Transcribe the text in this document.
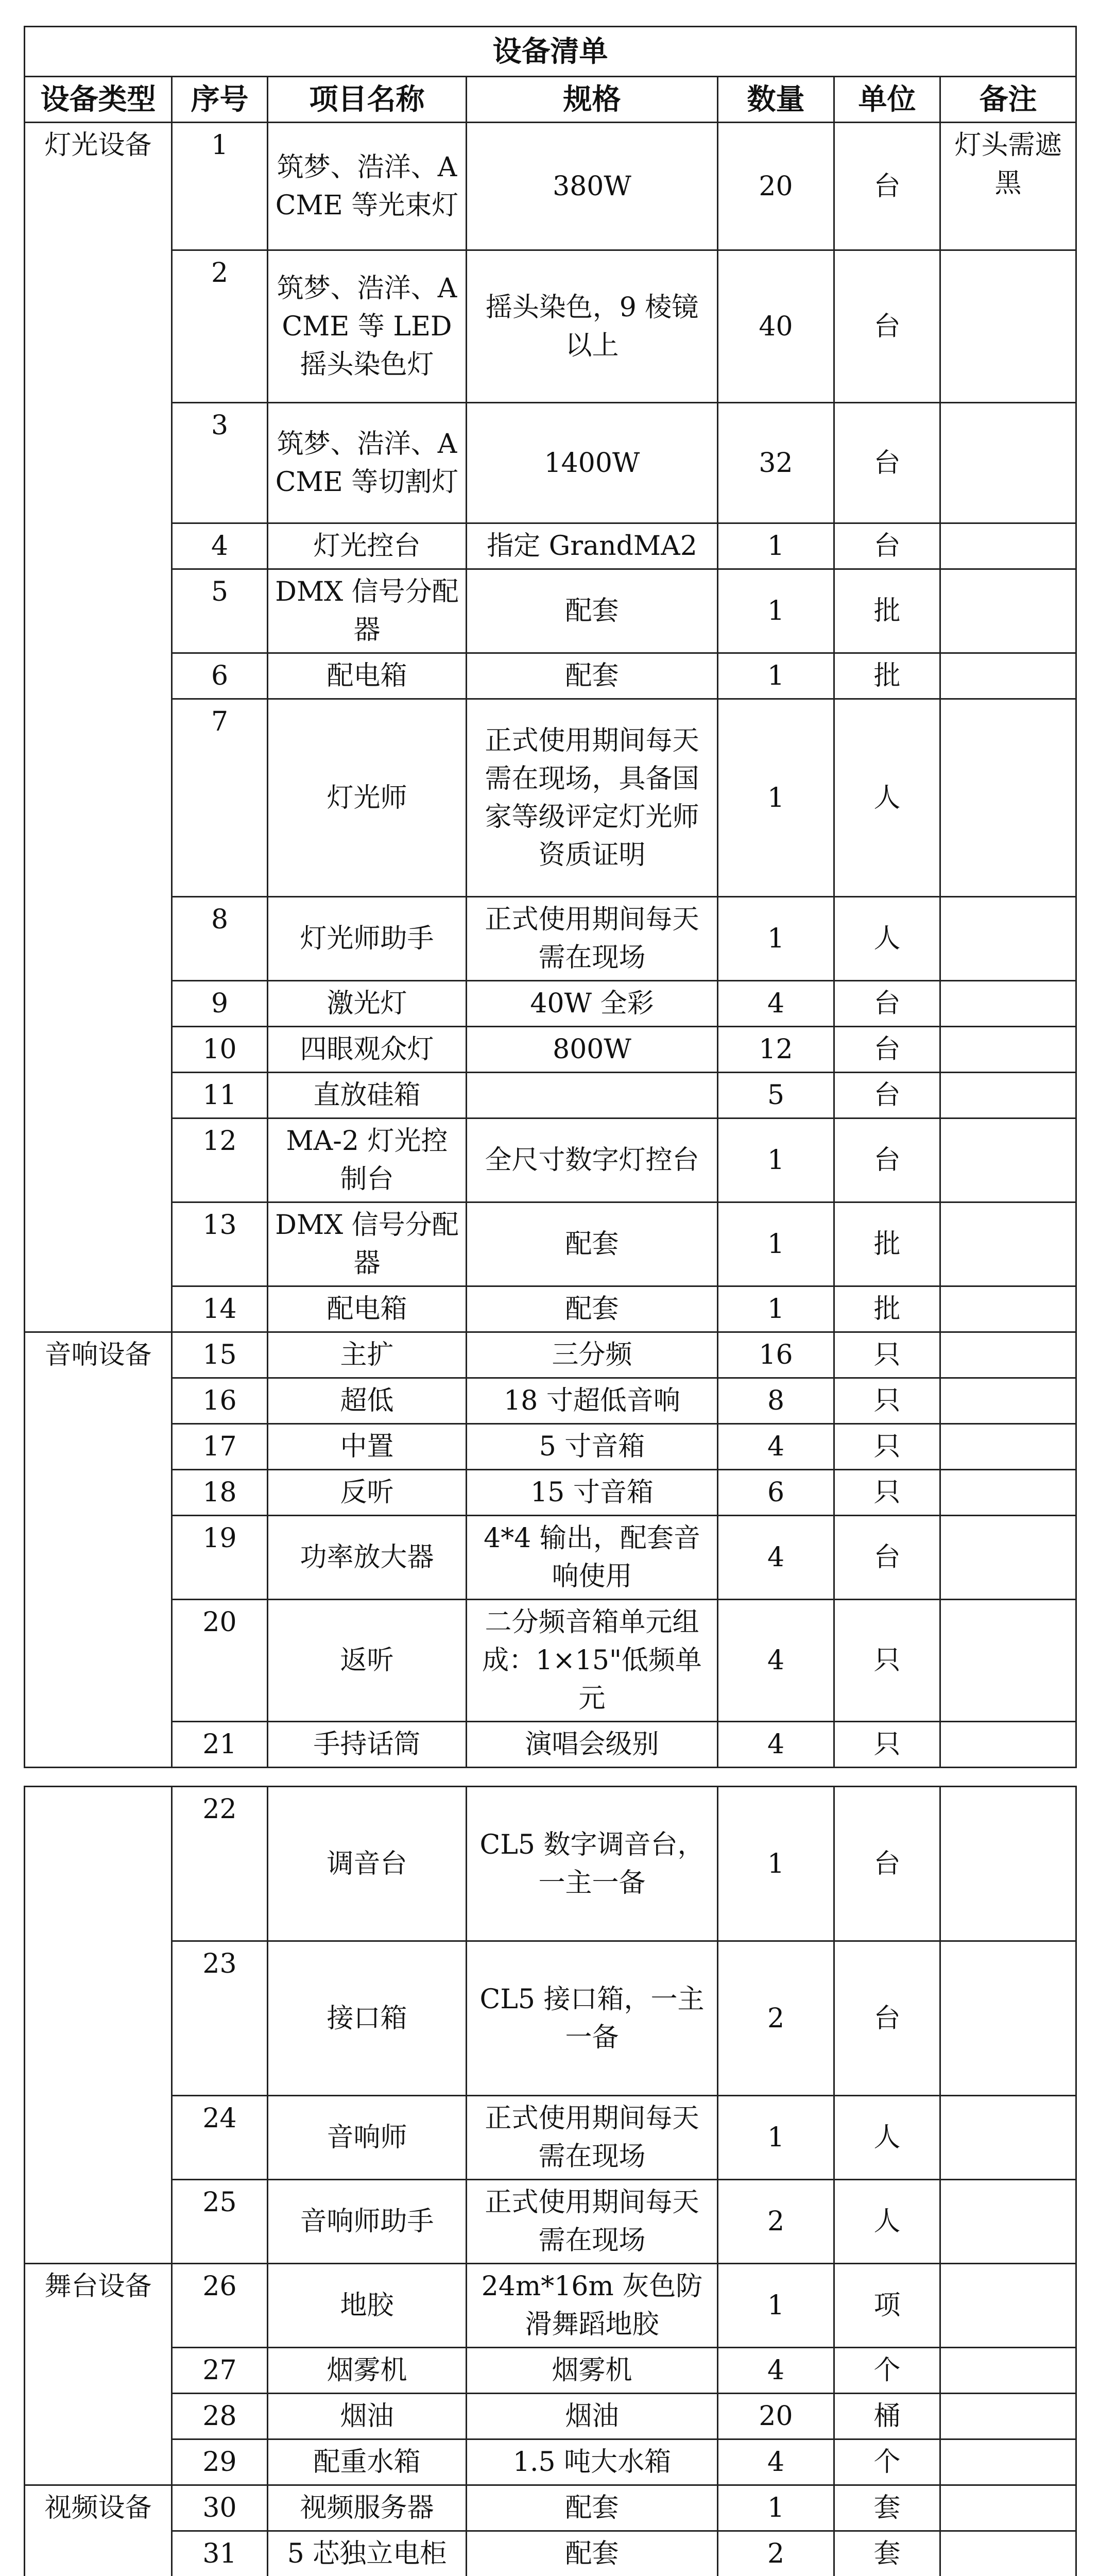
设备清单						
设备类型	序号	项目名称	规格	数量	单位	备注
灯光设备	1	筑梦、浩洋、ACME 等光束灯	380W	20	台	灯头需遮黑
	2	筑梦、浩洋、ACME 等 LED 摇头染色灯	摇头染色，9 棱镜以上	40	台	
	3	筑梦、浩洋、ACME 等切割灯	1400W	32	台	
	4	灯光控台	指定 GrandMA2	1	台	
	5	DMX 信号分配器	配套	1	批	
	6	配电箱	配套	1	批	
	7	灯光师	正式使用期间每天需在现场，具备国家等级评定灯光师资质证明	1	人	
	8	灯光师助手	正式使用期间每天需在现场	1	人	
	9	激光灯	40W 全彩	4	台	
	10	四眼观众灯	800W	12	台	
	11	直放硅箱		5	台	
	12	MA-2 灯光控制台	全尺寸数字灯控台	1	台	
	13	DMX 信号分配器	配套	1	批	
	14	配电箱	配套	1	批	
音响设备	15	主扩	三分频	16	只	
	16	超低	18 寸超低音响	8	只	
	17	中置	5 寸音箱	4	只	
	18	反听	15 寸音箱	6	只	
	19	功率放大器	4*4 输出，配套音响使用	4	台	
	20	返听	二分频音箱单元组成：1×15"低频单元	4	只	
	21	手持话筒	演唱会级别	4	只	
	22	调音台	CL5 数字调音台，一主一备	1	台	
	23	接口箱	CL5 接口箱，一主一备	2	台	
	24	音响师	正式使用期间每天需在现场	1	人	
	25	音响师助手	正式使用期间每天需在现场	2	人	
舞台设备	26	地胶	24m*16m 灰色防滑舞蹈地胶	1	项	
	27	烟雾机	烟雾机	4	个	
	28	烟油	烟油	20	桶	
	29	配重水箱	1.5 吨大水箱	4	个	
视频设备	30	视频服务器	配套	1	套	
	31	5 芯独立电柜	配套	2	套	
